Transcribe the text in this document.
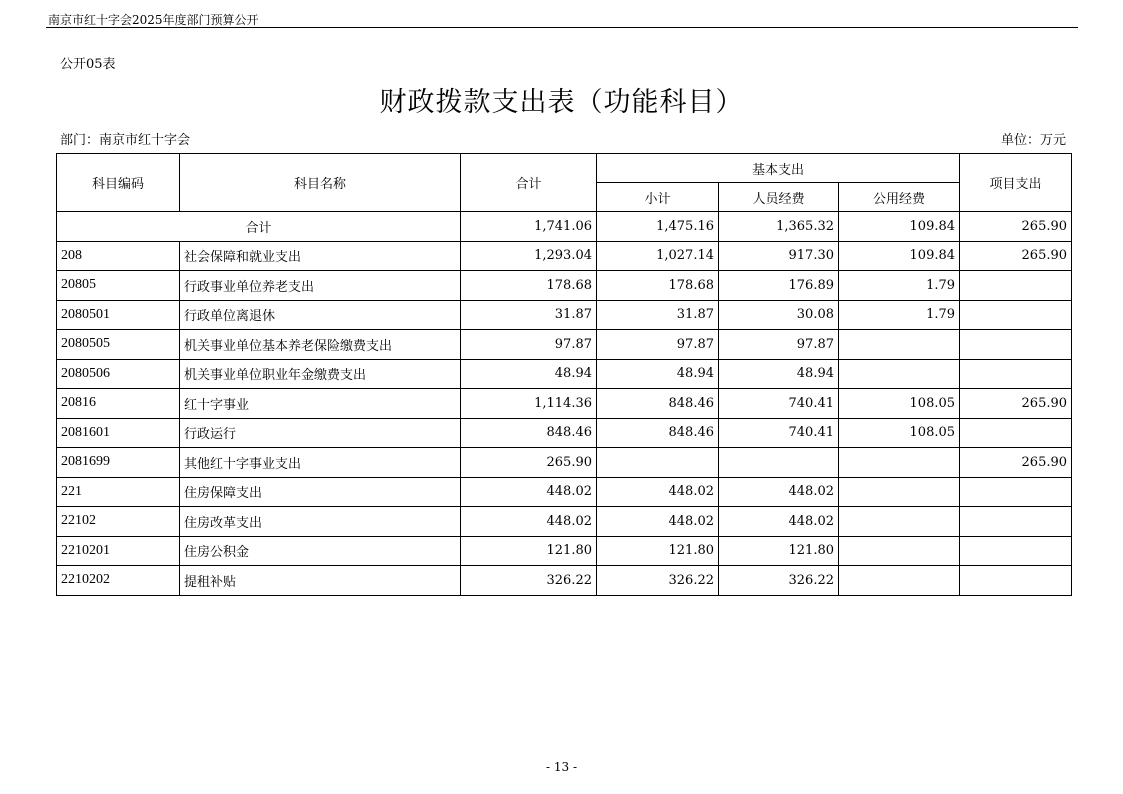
南京市红十字会2025年度部门预算公开
公开05表
财政拨款支出表（功能科目）
部门：南京市红十字会	单位：万元
科目编码	科目名称	合计	基本支出			项目支出
			小计	人员经费	公用经费	
合计		1,741.06	1,475.16	1,365.32	109.84	265.90
208	社会保障和就业支出	1,293.04	1,027.14	917.30	109.84	265.90
20805	行政事业单位养老支出	178.68	178.68	176.89	1.79	
2080501	行政单位离退休	31.87	31.87	30.08	1.79	
2080505	机关事业单位基本养老保险缴费支出	97.87	97.87	97.87		
2080506	机关事业单位职业年金缴费支出	48.94	48.94	48.94		
20816	红十字事业	1,114.36	848.46	740.41	108.05	265.90
2081601	行政运行	848.46	848.46	740.41	108.05	
2081699	其他红十字事业支出	265.90				265.90
221	住房保障支出	448.02	448.02	448.02		
22102	住房改革支出	448.02	448.02	448.02		
2210201	住房公积金	121.80	121.80	121.80		
2210202	提租补贴	326.22	326.22	326.22		
- 13 -
